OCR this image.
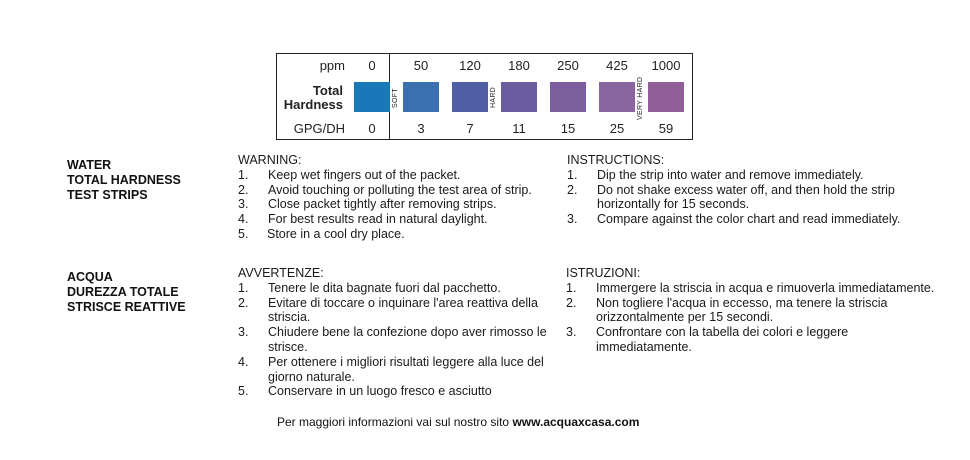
ppm
Total
Hardness
GPG/DH
0
0
50
3
120
7
180
11
250
15
425
25
1000
59
SOFT	HARD	VERY HARD
WATER
TOTAL HARDNESS
TEST STRIPS
ACQUA
DUREZZA TOTALE
STRISCE REATTIVE
WARNING:
1. Keep wet fingers out of the packet.
2. Avoid touching or polluting the test area of strip.
3. Close packet tightly after removing strips.
4. For best results read in natural daylight.
5. Store in a cool dry place.
INSTRUCTIONS:
1. Dip the strip into water and remove immediately.
2. Do not shake excess water off, and then hold the strip horizontally for 15 seconds.
3. Compare against the color chart and read immediately.
AVVERTENZE:
1. Tenere le dita bagnate fuori dal pacchetto.
2. Evitare di toccare o inquinare l'area reattiva della striscia.
3. Chiudere bene la confezione dopo aver rimosso le strisce.
4. Per ottenere i migliori risultati leggere alla luce del giorno naturale.
5. Conservare in un luogo fresco e asciutto
ISTRUZIONI:
1. Immergere la striscia in acqua e rimuoverla immediatamente.
2. Non togliere l'acqua in eccesso, ma tenere la striscia orizzontalmente per 15 secondi.
3. Confrontare con la tabella dei colori e leggere immediatamente.
Per maggiori informazioni vai sul nostro sito www.acquaxcasa.com
